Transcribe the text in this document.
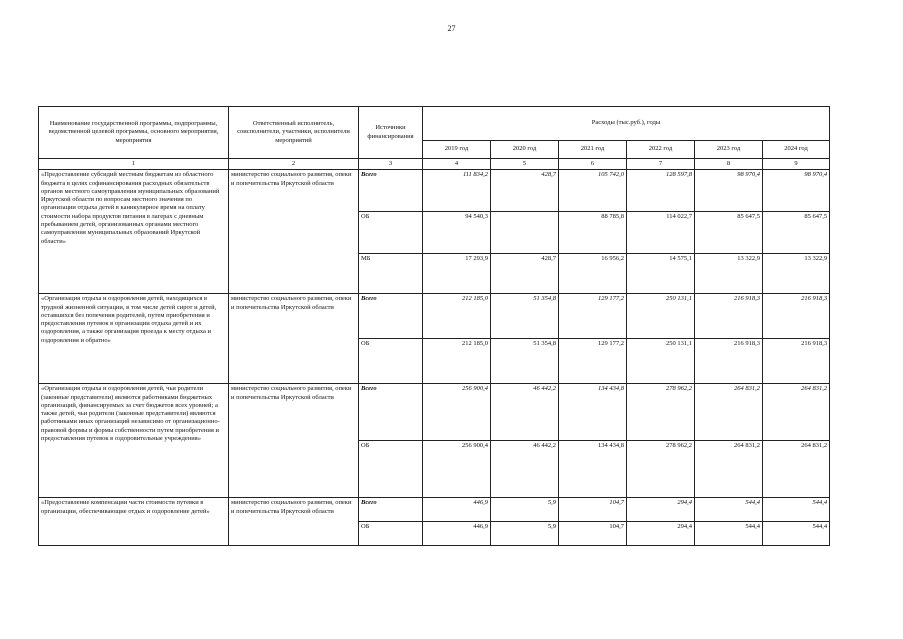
27
Наименование государственной программы, подпрограммы, ведомственной целевой программы, основного мероприятия, мероприятия	Ответственный исполнитель, соисполнители, участники, исполнители мероприятий	Источники финансирования	Расходы (тыс.руб.), годы					
			2019 год	2020 год	2021 год	2022 год	2023 год	2024 год
1	2	3	4	5	6	7	8	9
«Предоставление субсидий местным бюджетам из областного бюджета в целях софинансирования расходных обязательств органов местного самоуправления муниципальных образований Иркутской области по вопросам местного значения по организации отдыха детей в каникулярное время на оплату стоимости набора продуктов питания в лагерах с дневным пребыванием детей, организованных органами местного самоуправления муниципальных образований Иркутской области»	министерство социального развития, опеки и попечительства Иркутской области	Всего	111 834,2	428,7	105 742,0	128 597,8	98 970,4	98 970,4
		ОБ	94 540,3		88 785,8	114 022,7	85 647,5	85 647,5
		МБ	17 293,9	428,7	16 956,2	14 575,1	13 322,9	13 322,9
«Организация отдыха и оздоровления детей, находящихся в трудной жизненной ситуации, в том числе детей сирот и детей, оставшихся без попечения родителей, путем приобретения и предоставления путевок в организации отдыха детей и их оздоровления, а также организация проезда к месту отдыха и оздоровления и обратно»	министерство социального развития, опеки и попечительства Иркутской области	Всего	212 185,0	51 354,8	129 177,2	250 131,1	216 918,3	216 918,3
		ОБ	212 185,0	51 354,8	129 177,2	250 131,1	216 918,3	216 918,3
«Организация отдыха и оздоровления детей, чьи родители (законные представители) являются работниками бюджетных организаций, финансируемых за счет бюджетов всех уровней; а также детей, чьи родители (законные представители) являются работниками иных организаций независимо от организационно-правовой формы и формы собственности путем приобретения и предоставления путевок в оздоровительные учреждения»	министерство социального развития, опеки и попечительства Иркутской области	Всего	256 900,4	46 442,2	134 434,8	278 962,2	264 831,2	264 831,2
		ОБ	256 900,4	46 442,2	134 434,8	278 962,2	264 831,2	264 831,2
«Предоставление компенсации части стоимости путевки в организации, обеспечивающие отдых и оздоровление детей»	министерство социального развития, опеки и попечительства Иркутской области	Всего	446,9	5,9	104,7	294,4	544,4	544,4
		ОБ	446,9	5,9	104,7	294,4	544,4	544,4
